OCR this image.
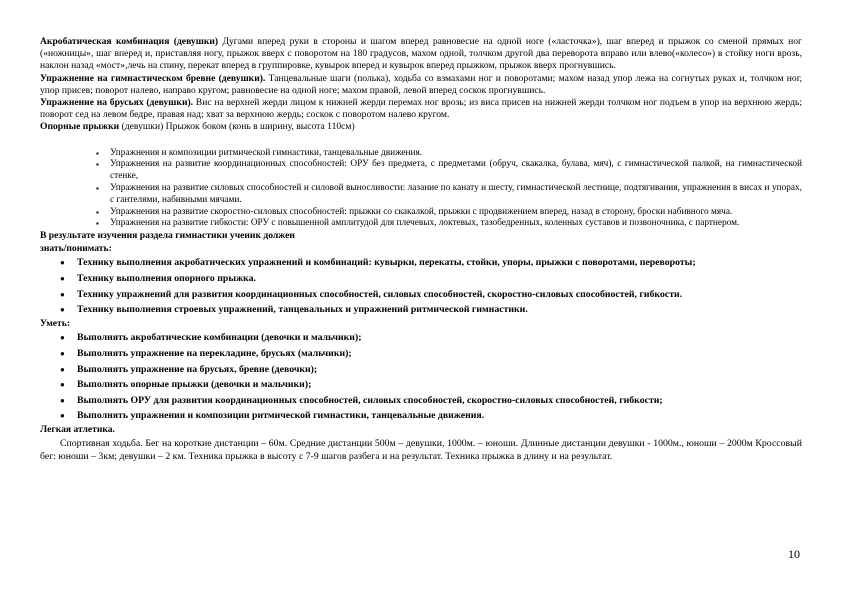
Акробатическая комбинация (девушки) Дугами вперед руки в стороны и шагом вперед равновесие на одной ноге («ласточка»), шаг вперед и прыжок со сменой прямых ног («ножницы», шаг вперед и, приставляя ногу, прыжок вверх с поворотом на 180 градусов, махом одной, толчком другой два переворота вправо или влево(«колесо») в стойку ноги врозь, наклон назад «мост»,лечь на спину, перекат вперед в группировке, кувырок вперед и кувырок вперед прыжком, прыжок вверх прогнувшись.

Упражнение на гимнастическом бревне (девушки). Танцевальные шаги (полька), ходьба со взмахами ног и поворотами; махом назад упор лежа на согнутых руках и, толчком ног, упор присев; поворот налево, направо кругом; равновесие на одной ноге; махом правой, левой вперед соскок прогнувшись.

Упражнение на брусьях (девушки). Вис на верхней жерди лицом к нижней жерди перемах ног врозь; из виса присев на нижней жерди толчком ног подъем в упор на верхнюю жердь; поворот сед на левом бедре, правая над; хват за верхнюю жердь; соскок с поворотом налево кругом.

Опорные прыжки (девушки) Прыжок боком (конь в ширину, высота 110см)

▪ Упражнения и композиции ритмической гимнастики, танцевальные движения.
▪ Упражнения на развитие координационных способностей: ОРУ без предмета, с предметами (обруч, скакалка, булава, мяч), с гимнастической палкой, на гимнастической стенке,
▪ Упражнения на развитие силовых способностей и силовой выносливости: лазание по канату и шесту, гимнастической лестнице, подтягивания, упражнения в висах и упорах, с гантелями, набивными мячами.
▪ Упражнения на развитие скоростно-силовых способностей: прыжки со скакалкой, прыжки с продвижением вперед, назад в сторону, броски набивного мяча.
▪ Упражнения на развитие гибкости: ОРУ с повышенной амплитудой для плечевых, локтевых, тазобедренных, коленных суставов и позвоночника, с партнером.

В результате изучения раздела гимнастики ученик должен

знать/понимать:

● Технику выполнения акробатических упражнений и комбинаций: кувырки, перекаты, стойки, упоры, прыжки с поворотами, перевороты;
● Технику выполнения опорного прыжка.
● Технику упражнений для развития координационных способностей, силовых способностей, скоростно-силовых способностей, гибкости.
● Технику выполнения строевых упражнений, танцевальных и упражнений ритмической гимнастики.

Уметь:

● Выполнять акробатические комбинации (девочки и мальчики);
● Выполнять упражнение на перекладине, брусьях (мальчики);
● Выполнять упражнение на брусьях, бревне (девочки);
● Выполнять опорные прыжки (девочки и мальчики);
● Выполнять ОРУ для развития координационных способностей, силовых способностей, скоростно-силовых способностей, гибкости;
● Выполнять упражнения и композиции ритмической гимнастики, танцевальные движения.

Легкая атлетика.

Спортивная ходьба. Бег на короткие дистанции – 60м. Средние дистанции 500м – девушки, 1000м. – юноши. Длинные дистанции девушки - 1000м., юноши – 2000м Кроссовый бег: юноши – 3км; девушки – 2 км. Техника прыжка в высоту с 7-9 шагов разбега и на результат. Техника прыжка в длину и на результат.

10
